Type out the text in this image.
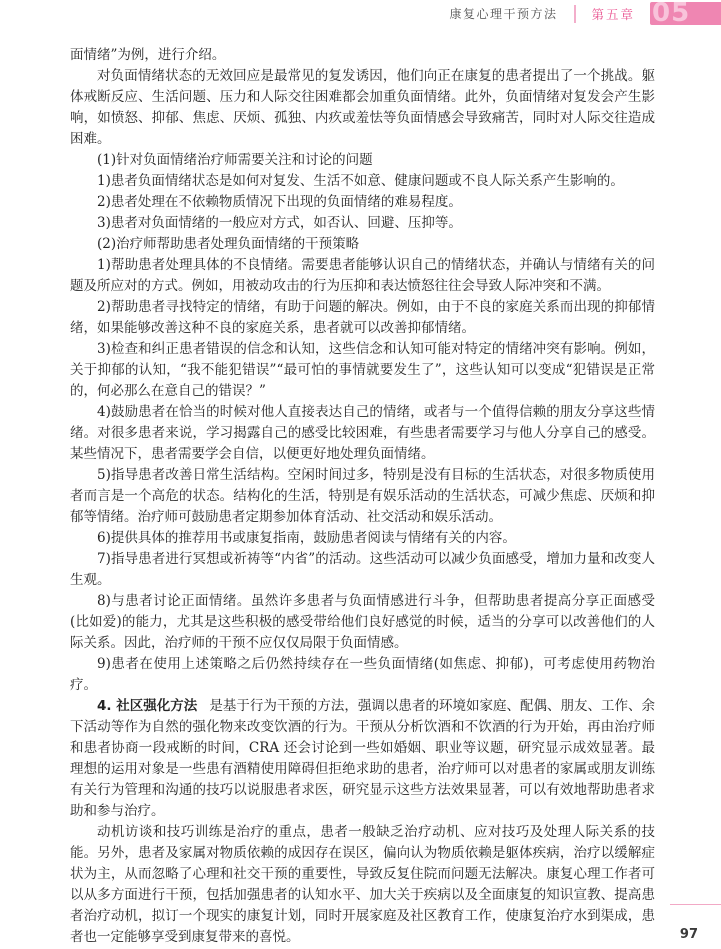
康复心理干预方法	第五章 05

面情绪”为例，进行介绍。

对负面情绪状态的无效回应是最常见的复发诱因，他们向正在康复的患者提出了一个挑战。躯体戒断反应、生活问题、压力和人际交往困难都会加重负面情绪。此外，负面情绪对复发会产生影响，如愤怒、抑郁、焦虑、厌烦、孤独、内疚或羞怯等负面情感会导致痛苦，同时对人际交往造成困难。

(1)针对负面情绪治疗师需要关注和讨论的问题

1)患者负面情绪状态是如何对复发、生活不如意、健康问题或不良人际关系产生影响的。

2)患者处理在不依赖物质情况下出现的负面情绪的难易程度。

3)患者对负面情绪的一般应对方式，如否认、回避、压抑等。

(2)治疗师帮助患者处理负面情绪的干预策略

1)帮助患者处理具体的不良情绪。需要患者能够认识自己的情绪状态，并确认与情绪有关的问题及所应对的方式。例如，用被动攻击的行为压抑和表达愤怒往往会导致人际冲突和不满。

2)帮助患者寻找特定的情绪，有助于问题的解决。例如，由于不良的家庭关系而出现的抑郁情绪，如果能够改善这种不良的家庭关系，患者就可以改善抑郁情绪。

3)检查和纠正患者错误的信念和认知，这些信念和认知可能对特定的情绪冲突有影响。例如，关于抑郁的认知，“我不能犯错误”“最可怕的事情就要发生了”，这些认知可以变成“犯错误是正常的，何必那么在意自己的错误？”

4)鼓励患者在恰当的时候对他人直接表达自己的情绪，或者与一个值得信赖的朋友分享这些情绪。对很多患者来说，学习揭露自己的感受比较困难，有些患者需要学习与他人分享自己的感受。某些情况下，患者需要学会自信，以便更好地处理负面情绪。

5)指导患者改善日常生活结构。空闲时间过多，特别是没有目标的生活状态，对很多物质使用者而言是一个高危的状态。结构化的生活，特别是有娱乐活动的生活状态，可减少焦虑、厌烦和抑郁等情绪。治疗师可鼓励患者定期参加体育活动、社交活动和娱乐活动。

6)提供具体的推荐用书或康复指南，鼓励患者阅读与情绪有关的内容。

7)指导患者进行冥想或祈祷等“内省”的活动。这些活动可以减少负面感受，增加力量和改变人生观。

8)与患者讨论正面情绪。虽然许多患者与负面情感进行斗争，但帮助患者提高分享正面感受(比如爱)的能力，尤其是这些积极的感受带给他们良好感觉的时候，适当的分享可以改善他们的人际关系。因此，治疗师的干预不应仅仅局限于负面情感。

9)患者在使用上述策略之后仍然持续存在一些负面情绪(如焦虑、抑郁)，可考虑使用药物治疗。

4. 社区强化方法 是基于行为干预的方法，强调以患者的环境如家庭、配偶、朋友、工作、余下活动等作为自然的强化物来改变饮酒的行为。干预从分析饮酒和不饮酒的行为开始，再由治疗师和患者协商一段戒断的时间，CRA 还会讨论到一些如婚姻、职业等议题，研究显示成效显著。最理想的运用对象是一些患有酒精使用障碍但拒绝求助的患者，治疗师可以对患者的家属或朋友训练有关行为管理和沟通的技巧以说服患者求医，研究显示这些方法效果显著，可以有效地帮助患者求助和参与治疗。

动机访谈和技巧训练是治疗的重点，患者一般缺乏治疗动机、应对技巧及处理人际关系的技能。另外，患者及家属对物质依赖的成因存在误区，偏向认为物质依赖是躯体疾病，治疗以缓解症状为主，从而忽略了心理和社交干预的重要性，导致反复住院而问题无法解决。康复心理工作者可以从多方面进行干预，包括加强患者的认知水平、加大关于疾病以及全面康复的知识宣教、提高患者治疗动机，拟订一个现实的康复计划，同时开展家庭及社区教育工作，使康复治疗水到渠成，患者也一定能够享受到康复带来的喜悦。	97
